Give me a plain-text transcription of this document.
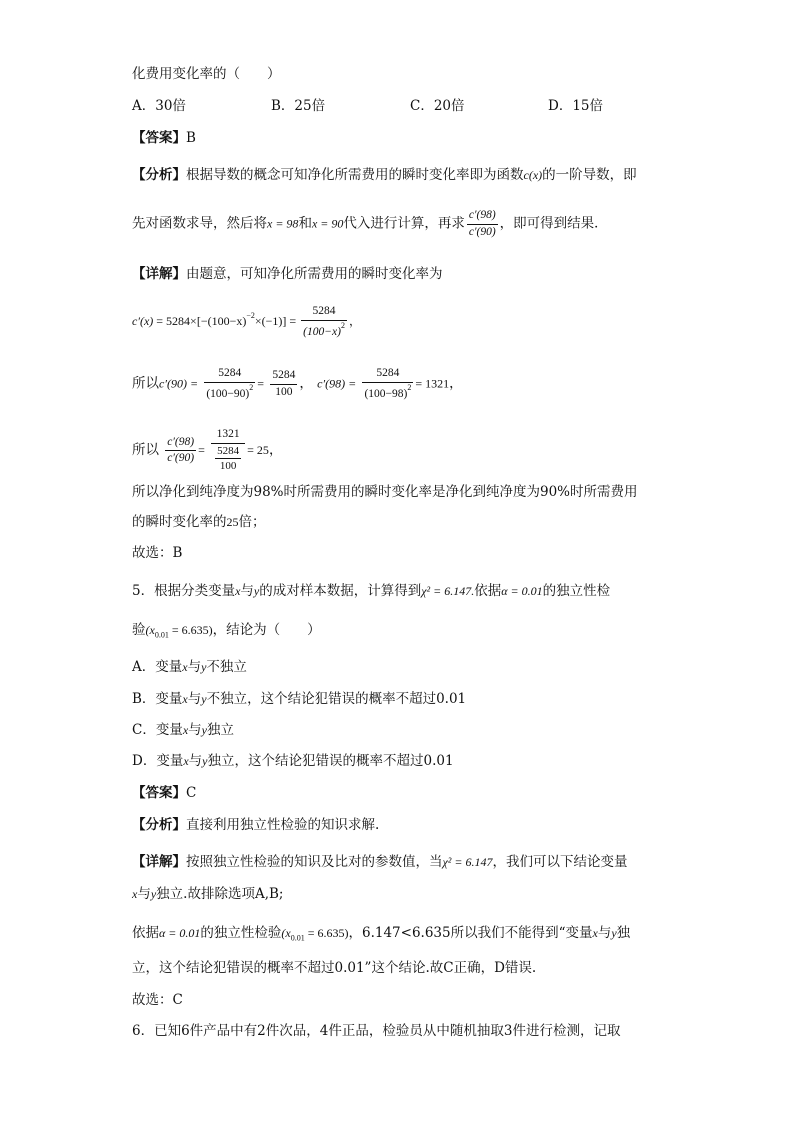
化费用变化率的（　　）
A．30倍	B．25倍	C．20倍	D．15倍
【答案】B
【分析】根据导数的概念可知净化所需费用的瞬时变化率即为函数c(x)的一阶导数，即
先对函数求导，然后将x = 98和x = 90代入进行计算，再求 $\frac{c'(98)}{c'(90)}$ ，即可得到结果．
【详解】由题意，可知净化所需费用的瞬时变化率为
$c'(x) = 5284\times[-(100-x)^{-2}\times(-1)] = \frac{5284}{(100-x)^2}$ ，
所以$c'(90) = \frac{5284}{(100-90)^2} = \frac{5284}{100}$ ， $c'(98) = \frac{5284}{(100-98)^2} = 1321$，
所以 $\frac{c'(98)}{c'(90)} = \frac{1321}{\frac{5284}{100}} = 25$，
所以净化到纯净度为98%时所需费用的瞬时变化率是净化到纯净度为90%时所需费用
的瞬时变化率的25倍；
故选：B
5．根据分类变量x与y的成对样本数据，计算得到χ² = 6.147.依据α = 0.01的独立性检
验$(x_{0.01} = 6.635)$，结论为（　　）
A．变量x与y不独立
B．变量x与y不独立，这个结论犯错误的概率不超过0.01
C．变量x与y独立
D．变量x与y独立，这个结论犯错误的概率不超过0.01
【答案】C
【分析】直接利用独立性检验的知识求解.
【详解】按照独立性检验的知识及比对的参数值，当χ² = 6.147，我们可以下结论变量
x与y独立.故排除选项A,B;
依据α = 0.01的独立性检验$(x_{0.01} = 6.635)$，6.147<6.635所以我们不能得到“变量x与y独
立，这个结论犯错误的概率不超过0.01”这个结论.故C正确，D错误.
故选：C
6．已知6件产品中有2件次品，4件正品，检验员从中随机抽取3件进行检测，记取
